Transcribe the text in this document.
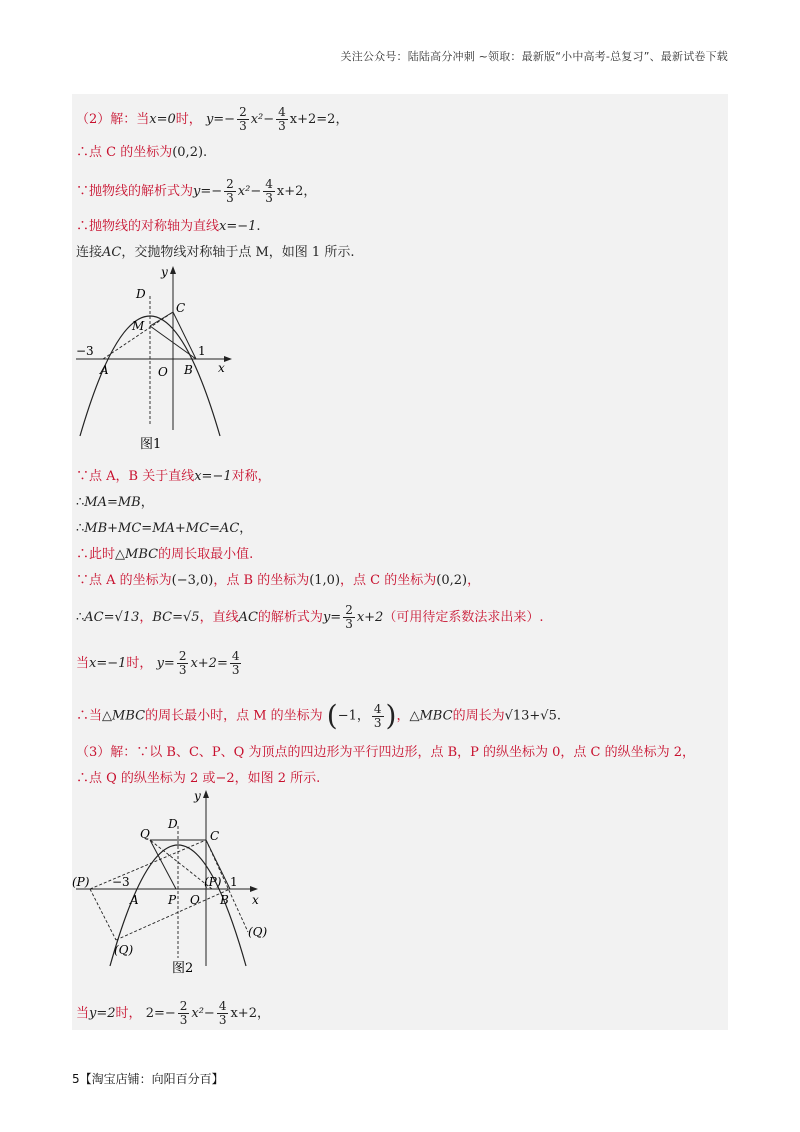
关注公众号：陆陆高分冲刺 ~领取：最新版“小中高考-总复习”、最新试卷下载
（2）解：当x=0时， $y=- \frac{2}{3} x^2- \frac{4}{3} x+2=2$，
∴点 C 的坐标为(0,2).
∵抛物线的解析式为$y=- \frac{2}{3} x^2- \frac{4}{3} x+2$，
∴抛物线的对称轴为直线x=−1.
连接AC，交抛物线对称轴于点 M，如图 1 所示.
y
x
D
C
M
−3	1
A	O B
图1
∵点 A，B 关于直线x=−1对称，
∴MA=MB，
∴MB+MC=MA+MC=AC，
∴此时△MBC的周长取最小值.
∵点 A 的坐标为(−3,0)，点 B 的坐标为(1,0)，点 C 的坐标为(0,2)，
∴AC=√13，BC=√5，直线AC的解析式为$y= \frac{2}{3} x+2$（可用待定系数法求出来）.
当x=−1时， $y= \frac{2}{3} x+2= \frac{4}{3}$
∴当△MBC的周长最小时，点 M 的坐标为 (−1， $\frac{4}{3}$ )，△MBC的周长为√13+√5.
（3）解：∵以 B、C、P、Q 为顶点的四边形为平行四边形，点 B，P 的纵坐标为 0，点 C 的纵坐标为 2，
∴点 Q 的纵坐标为 2 或−2，如图 2 所示.
y
x
D
C
Q
(P) −3	(P) 1
A P O B
(Q)
(Q)
图2
当y=2时， $2=- \frac{2}{3} x^2- \frac{4}{3} x+2$，
5【淘宝店铺：向阳百分百】
